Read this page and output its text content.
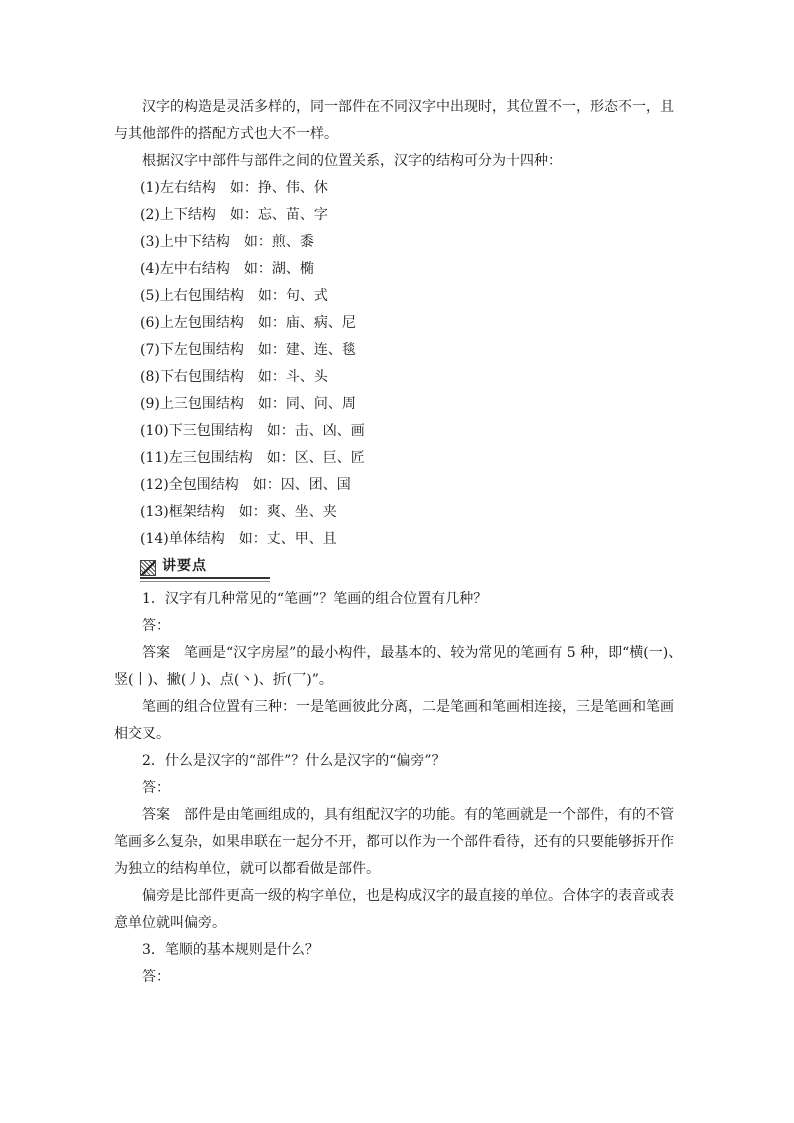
汉字的构造是灵活多样的，同一部件在不同汉字中出现时，其位置不一，形态不一，且
与其他部件的搭配方式也大不一样。
根据汉字中部件与部件之间的位置关系，汉字的结构可分为十四种：
(1)左右结构 如：挣、伟、休
(2)上下结构 如：忘、苗、字
(3)上中下结构 如：煎、黍
(4)左中右结构 如：湖、椭
(5)上右包围结构 如：句、式
(6)上左包围结构 如：庙、病、尼
(7)下左包围结构 如：建、连、毯
(8)下右包围结构 如：斗、头
(9)上三包围结构 如：同、问、周
(10)下三包围结构 如：击、凶、画
(11)左三包围结构 如：区、巨、匠
(12)全包围结构 如：囚、团、国
(13)框架结构 如：爽、坐、夹
(14)单体结构 如：丈、甲、且
讲要点
1．汉字有几种常见的“笔画”？笔画的组合位置有几种？
答：
答案 笔画是“汉字房屋”的最小构件，最基本的、较为常见的笔画有 5 种，即“横(一)、
竖(丨)、撇(丿)、点(丶)、折(乛)”。
笔画的组合位置有三种：一是笔画彼此分离，二是笔画和笔画相连接，三是笔画和笔画
相交叉。
2．什么是汉字的“部件”？什么是汉字的“偏旁”？
答：
答案 部件是由笔画组成的，具有组配汉字的功能。有的笔画就是一个部件，有的不管
笔画多么复杂，如果串联在一起分不开，都可以作为一个部件看待，还有的只要能够拆开作
为独立的结构单位，就可以都看做是部件。
偏旁是比部件更高一级的构字单位，也是构成汉字的最直接的单位。合体字的表音或表
意单位就叫偏旁。
3．笔顺的基本规则是什么？
答：
